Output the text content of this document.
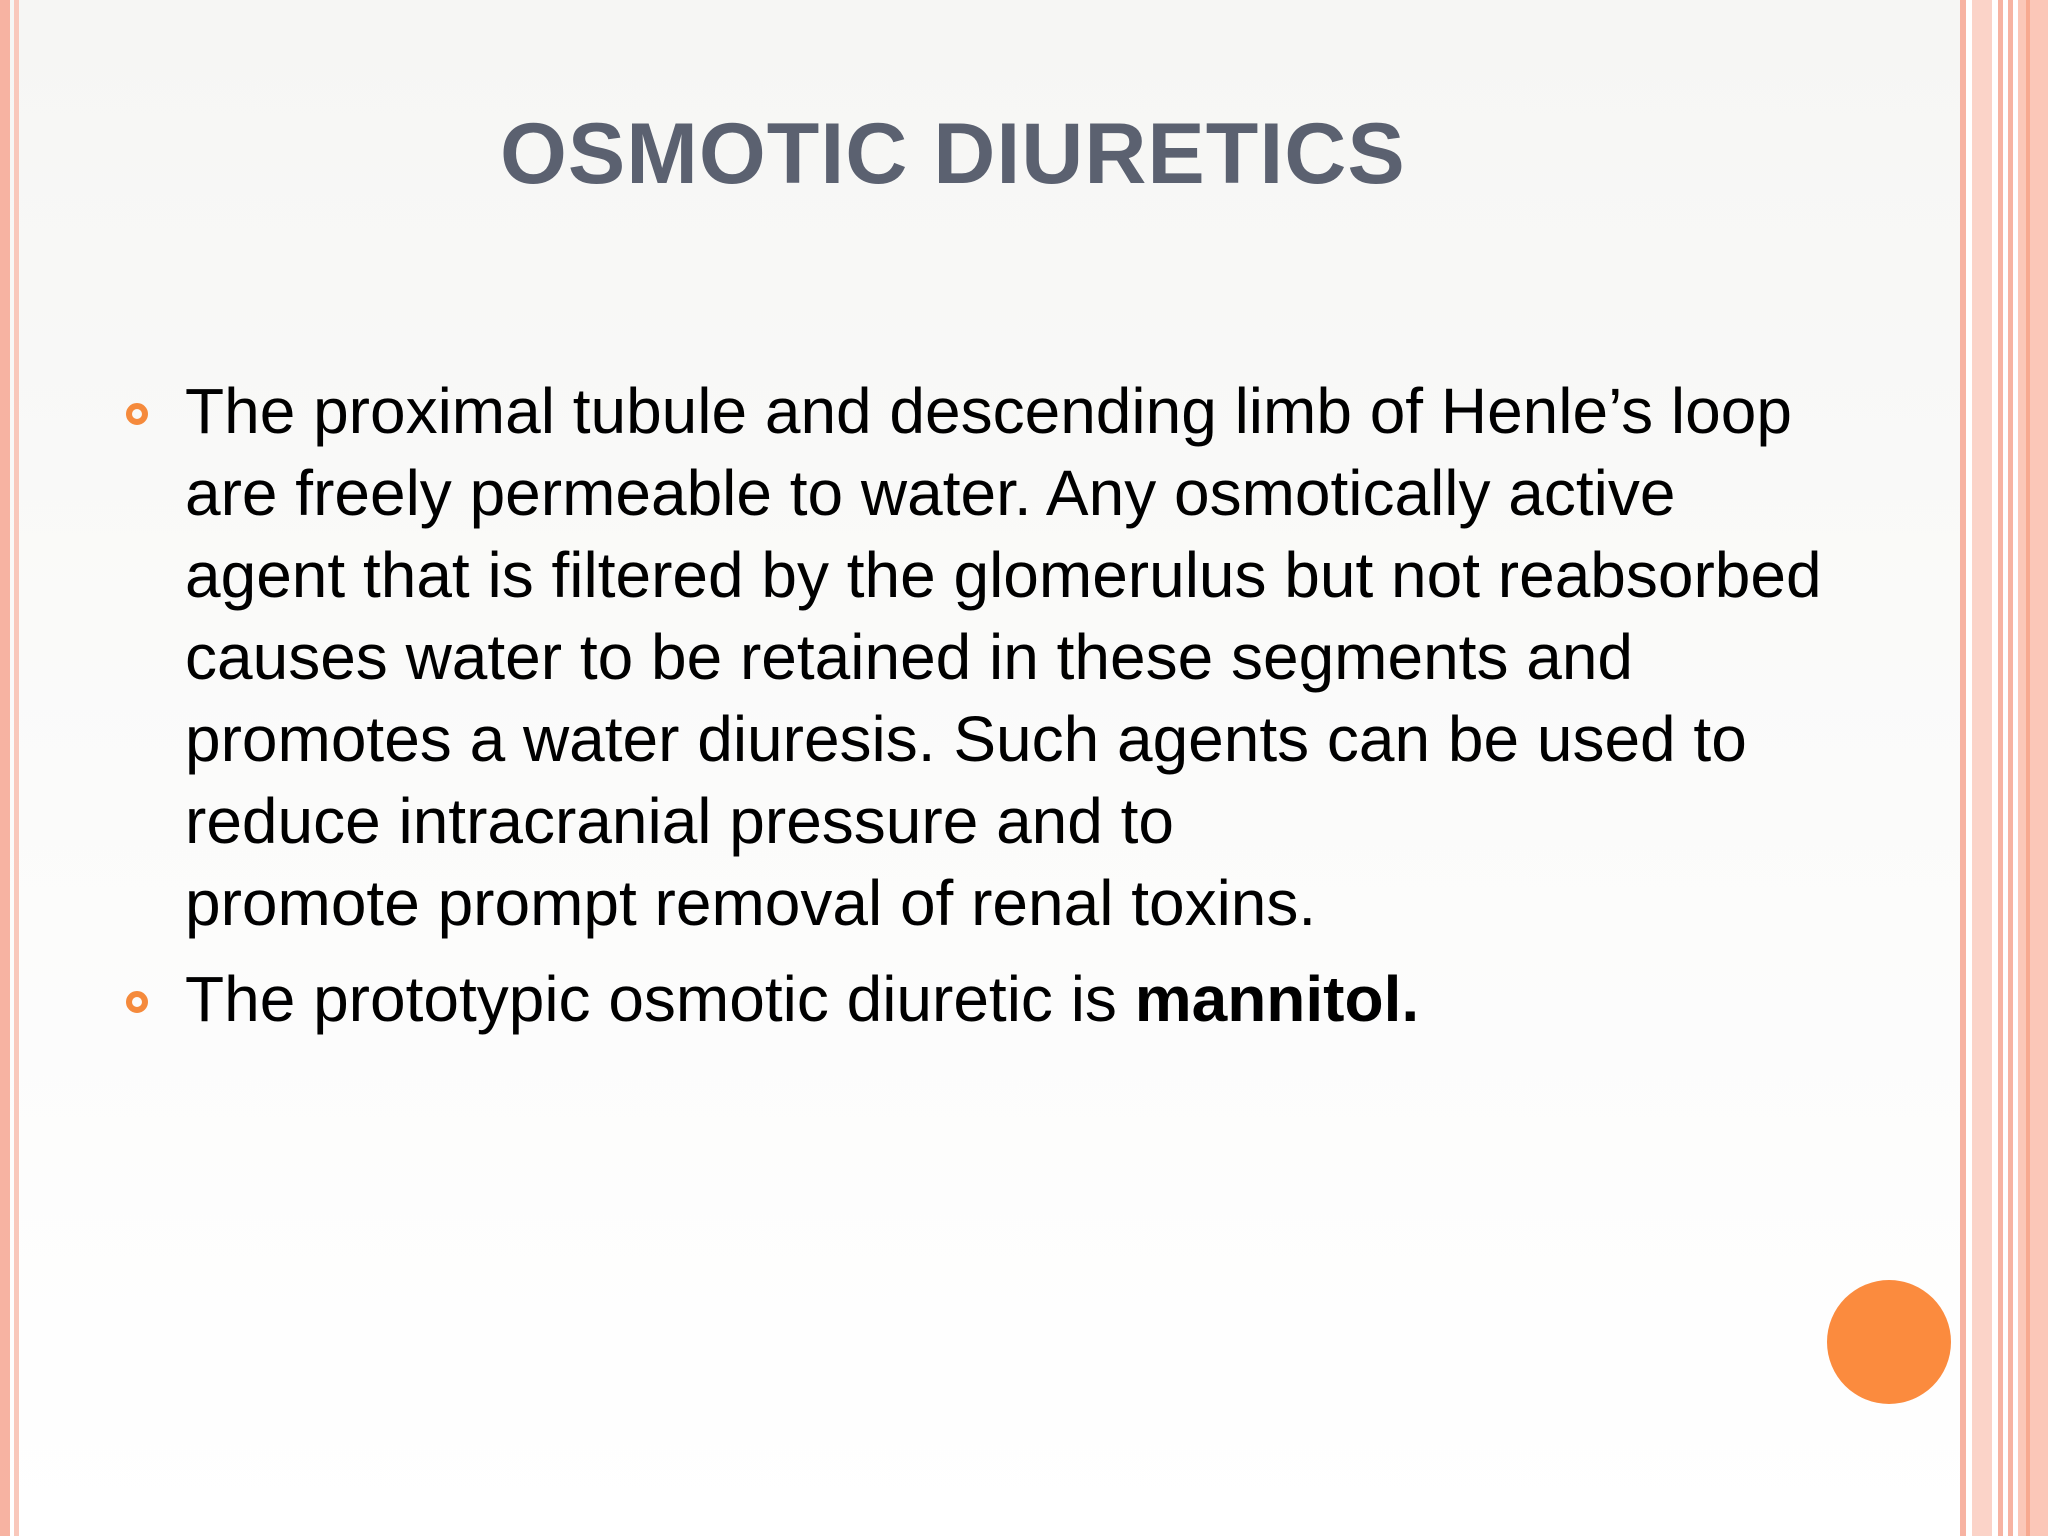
OSMOTIC DIURETICS
The proximal tubule and descending limb of Henle’s loop
are freely permeable to water. Any osmotically active
agent that is filtered by the glomerulus but not reabsorbed
causes water to be retained in these segments and
promotes a water diuresis. Such agents can be used to
reduce intracranial pressure and to
promote prompt removal of renal toxins.
The prototypic osmotic diuretic is mannitol.
